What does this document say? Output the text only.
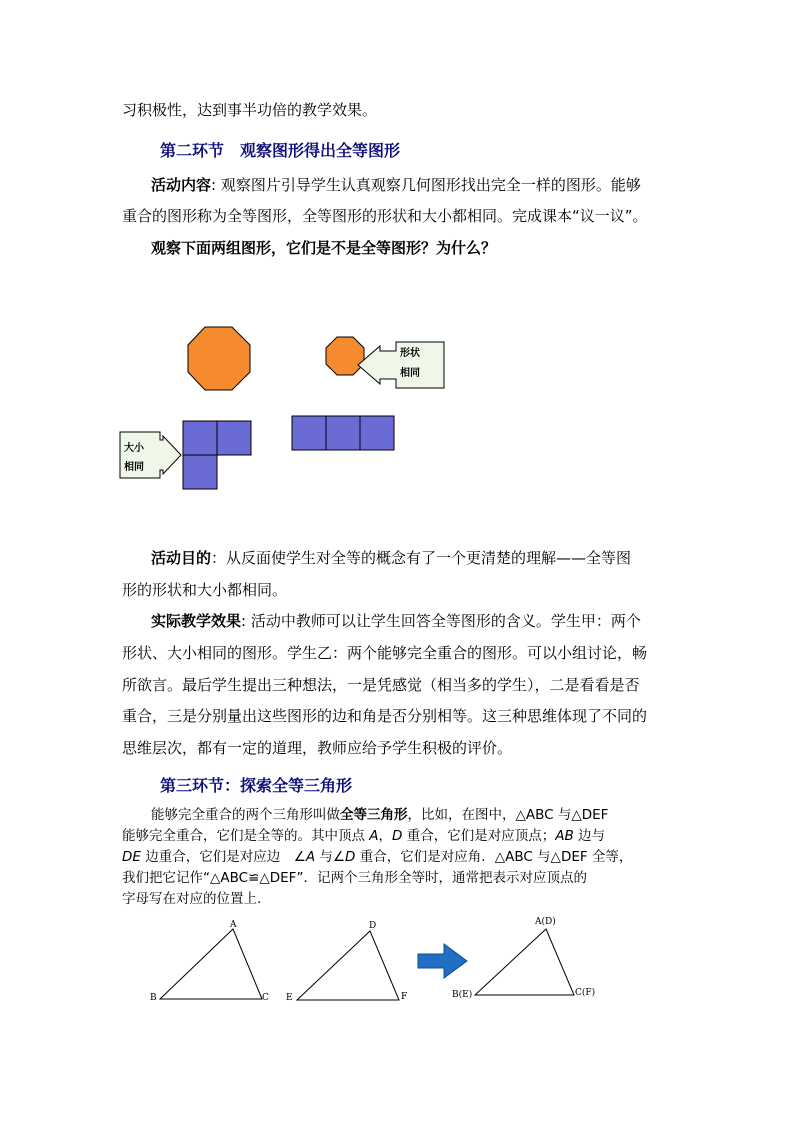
习积极性，达到事半功倍的教学效果。
第二环节　观察图形得出全等图形
活动内容: 观察图片引导学生认真观察几何图形找出完全一样的图形。能够
重合的图形称为全等图形，全等图形的形状和大小都相同。完成课本“议一议”。
观察下面两组图形，它们是不是全等图形？为什么？
形状
相同
大小
相同
活动目的：从反面使学生对全等的概念有了一个更清楚的理解——全等图
形的形状和大小都相同。
实际教学效果: 活动中教师可以让学生回答全等图形的含义。学生甲：两个
形状、大小相同的图形。学生乙：两个能够完全重合的图形。可以小组讨论，畅
所欲言。最后学生提出三种想法，一是凭感觉（相当多的学生），二是看看是否
重合，三是分别量出这些图形的边和角是否分别相等。这三种思维体现了不同的
思维层次，都有一定的道理，教师应给予学生积极的评价。
第三环节：探索全等三角形
能够完全重合的两个三角形叫做全等三角形，比如，在图中，△ABC 与△DEF
能够完全重合，它们是全等的。其中顶点 A，D 重合，它们是对应顶点；AB 边与
DE 边重合，它们是对应边　∠A 与∠D 重合，它们是对应角．△ABC 与△DEF 全等，
我们把它记作“△ABC≌△DEF”．记两个三角形全等时，通常把表示对应顶点的
字母写在对应的位置上.
A
B	C
D
E	F
A(D)
B(E)	C(F)
